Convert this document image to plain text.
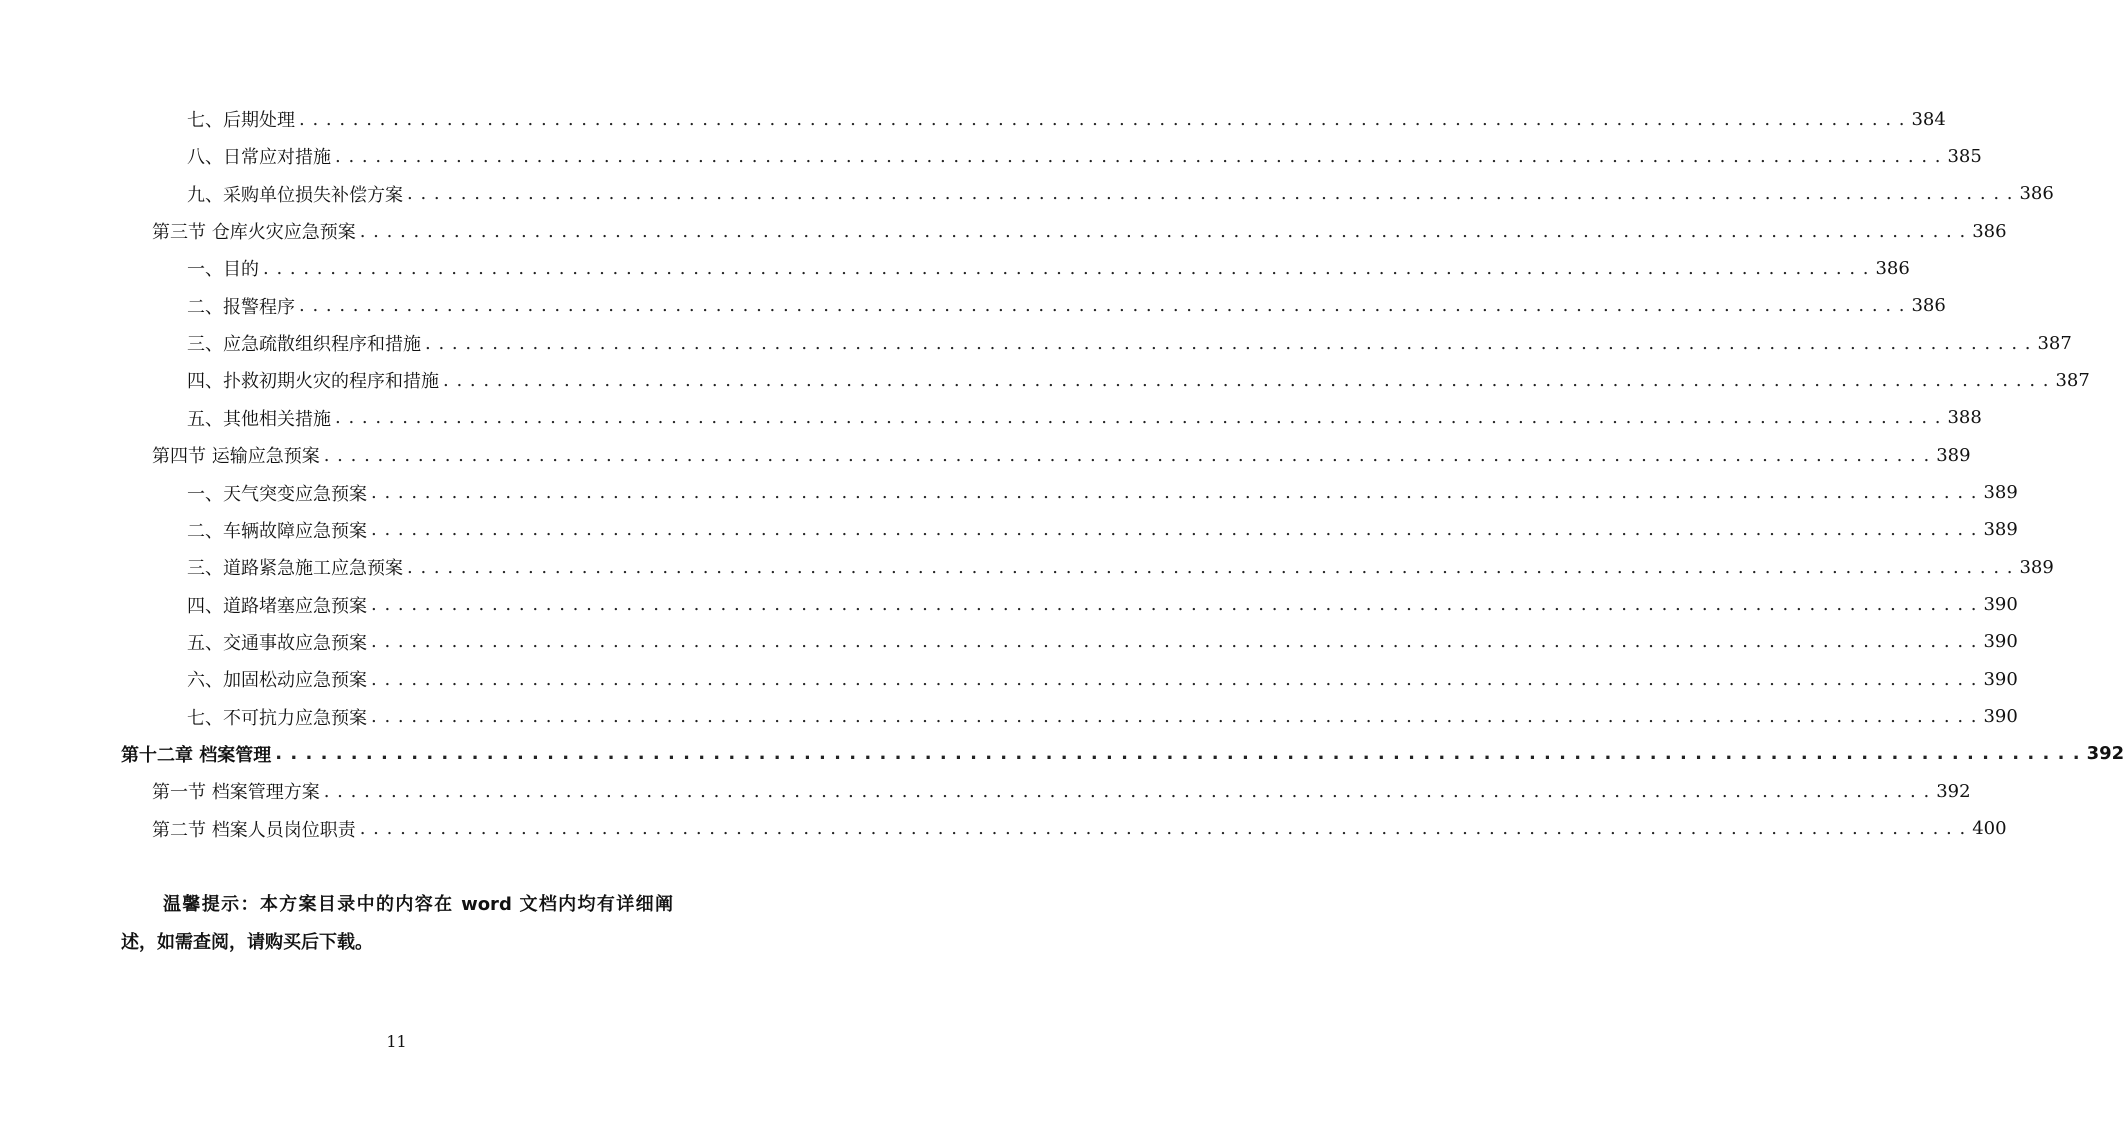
七、后期处理 . . . . . . . . . . . . . . . . . . . . . . . . . . . . . . . . . . . . . . . . . . . . . . . . . . . . . . . . . . . . . . . . . . . . . . . . . . . . . . . . . . . . . . . . . . . . . . . . . . . . . . . . . . . . . . . . . . . . . . . . 384
八、日常应对措施 . . . . . . . . . . . . . . . . . . . . . . . . . . . . . . . . . . . . . . . . . . . . . . . . . . . . . . . . . . . . . . . . . . . . . . . . . . . . . . . . . . . . . . . . . . . . . . . . . . . . . . . . . . . . . . . . . . . . . . . . 385
九、采购单位损失补偿方案 . . . . . . . . . . . . . . . . . . . . . . . . . . . . . . . . . . . . . . . . . . . . . . . . . . . . . . . . . . . . . . . . . . . . . . . . . . . . . . . . . . . . . . . . . . . . . . . . . . . . . . . . . . . . . . . . . . . . . . . . 386
第三节 仓库火灾应急预案 . . . . . . . . . . . . . . . . . . . . . . . . . . . . . . . . . . . . . . . . . . . . . . . . . . . . . . . . . . . . . . . . . . . . . . . . . . . . . . . . . . . . . . . . . . . . . . . . . . . . . . . . . . . . . . . . . . . . . . . . 386
一、目的 . . . . . . . . . . . . . . . . . . . . . . . . . . . . . . . . . . . . . . . . . . . . . . . . . . . . . . . . . . . . . . . . . . . . . . . . . . . . . . . . . . . . . . . . . . . . . . . . . . . . . . . . . . . . . . . . . . . . . . . . 386
二、报警程序 . . . . . . . . . . . . . . . . . . . . . . . . . . . . . . . . . . . . . . . . . . . . . . . . . . . . . . . . . . . . . . . . . . . . . . . . . . . . . . . . . . . . . . . . . . . . . . . . . . . . . . . . . . . . . . . . . . . . . . . . 386
三、应急疏散组织程序和措施 . . . . . . . . . . . . . . . . . . . . . . . . . . . . . . . . . . . . . . . . . . . . . . . . . . . . . . . . . . . . . . . . . . . . . . . . . . . . . . . . . . . . . . . . . . . . . . . . . . . . . . . . . . . . . . . . . . . . . . . . 387
四、扑救初期火灾的程序和措施 . . . . . . . . . . . . . . . . . . . . . . . . . . . . . . . . . . . . . . . . . . . . . . . . . . . . . . . . . . . . . . . . . . . . . . . . . . . . . . . . . . . . . . . . . . . . . . . . . . . . . . . . . . . . . . . . . . . . . . . . 387
五、其他相关措施 . . . . . . . . . . . . . . . . . . . . . . . . . . . . . . . . . . . . . . . . . . . . . . . . . . . . . . . . . . . . . . . . . . . . . . . . . . . . . . . . . . . . . . . . . . . . . . . . . . . . . . . . . . . . . . . . . . . . . . . . 388
第四节 运输应急预案 . . . . . . . . . . . . . . . . . . . . . . . . . . . . . . . . . . . . . . . . . . . . . . . . . . . . . . . . . . . . . . . . . . . . . . . . . . . . . . . . . . . . . . . . . . . . . . . . . . . . . . . . . . . . . . . . . . . . . . . . 389
一、天气突变应急预案 . . . . . . . . . . . . . . . . . . . . . . . . . . . . . . . . . . . . . . . . . . . . . . . . . . . . . . . . . . . . . . . . . . . . . . . . . . . . . . . . . . . . . . . . . . . . . . . . . . . . . . . . . . . . . . . . . . . . . . . . 389
二、车辆故障应急预案 . . . . . . . . . . . . . . . . . . . . . . . . . . . . . . . . . . . . . . . . . . . . . . . . . . . . . . . . . . . . . . . . . . . . . . . . . . . . . . . . . . . . . . . . . . . . . . . . . . . . . . . . . . . . . . . . . . . . . . . . 389
三、道路紧急施工应急预案 . . . . . . . . . . . . . . . . . . . . . . . . . . . . . . . . . . . . . . . . . . . . . . . . . . . . . . . . . . . . . . . . . . . . . . . . . . . . . . . . . . . . . . . . . . . . . . . . . . . . . . . . . . . . . . . . . . . . . . . . 389
四、道路堵塞应急预案 . . . . . . . . . . . . . . . . . . . . . . . . . . . . . . . . . . . . . . . . . . . . . . . . . . . . . . . . . . . . . . . . . . . . . . . . . . . . . . . . . . . . . . . . . . . . . . . . . . . . . . . . . . . . . . . . . . . . . . . . 390
五、交通事故应急预案 . . . . . . . . . . . . . . . . . . . . . . . . . . . . . . . . . . . . . . . . . . . . . . . . . . . . . . . . . . . . . . . . . . . . . . . . . . . . . . . . . . . . . . . . . . . . . . . . . . . . . . . . . . . . . . . . . . . . . . . . 390
六、加固松动应急预案 . . . . . . . . . . . . . . . . . . . . . . . . . . . . . . . . . . . . . . . . . . . . . . . . . . . . . . . . . . . . . . . . . . . . . . . . . . . . . . . . . . . . . . . . . . . . . . . . . . . . . . . . . . . . . . . . . . . . . . . . 390
七、不可抗力应急预案 . . . . . . . . . . . . . . . . . . . . . . . . . . . . . . . . . . . . . . . . . . . . . . . . . . . . . . . . . . . . . . . . . . . . . . . . . . . . . . . . . . . . . . . . . . . . . . . . . . . . . . . . . . . . . . . . . . . . . . . . 390
第十二章 档案管理 . . . . . . . . . . . . . . . . . . . . . . . . . . . . . . . . . . . . . . . . . . . . . . . . . . . . . . . . . . . . . . . . . . . . . . . . . . . . . . . . . . . . . . . . . . . . . . . . . . . . . . . . . . . . . . . . . . . . . . . . 392
第一节 档案管理方案 . . . . . . . . . . . . . . . . . . . . . . . . . . . . . . . . . . . . . . . . . . . . . . . . . . . . . . . . . . . . . . . . . . . . . . . . . . . . . . . . . . . . . . . . . . . . . . . . . . . . . . . . . . . . . . . . . . . . . . . . 392
第二节 档案人员岗位职责 . . . . . . . . . . . . . . . . . . . . . . . . . . . . . . . . . . . . . . . . . . . . . . . . . . . . . . . . . . . . . . . . . . . . . . . . . . . . . . . . . . . . . . . . . . . . . . . . . . . . . . . . . . . . . . . . . . . . . . . . 400
温馨提示：本方案目录中的内容在 word 文档内均有详细阐述，如需查阅，请购买后下载。
11
